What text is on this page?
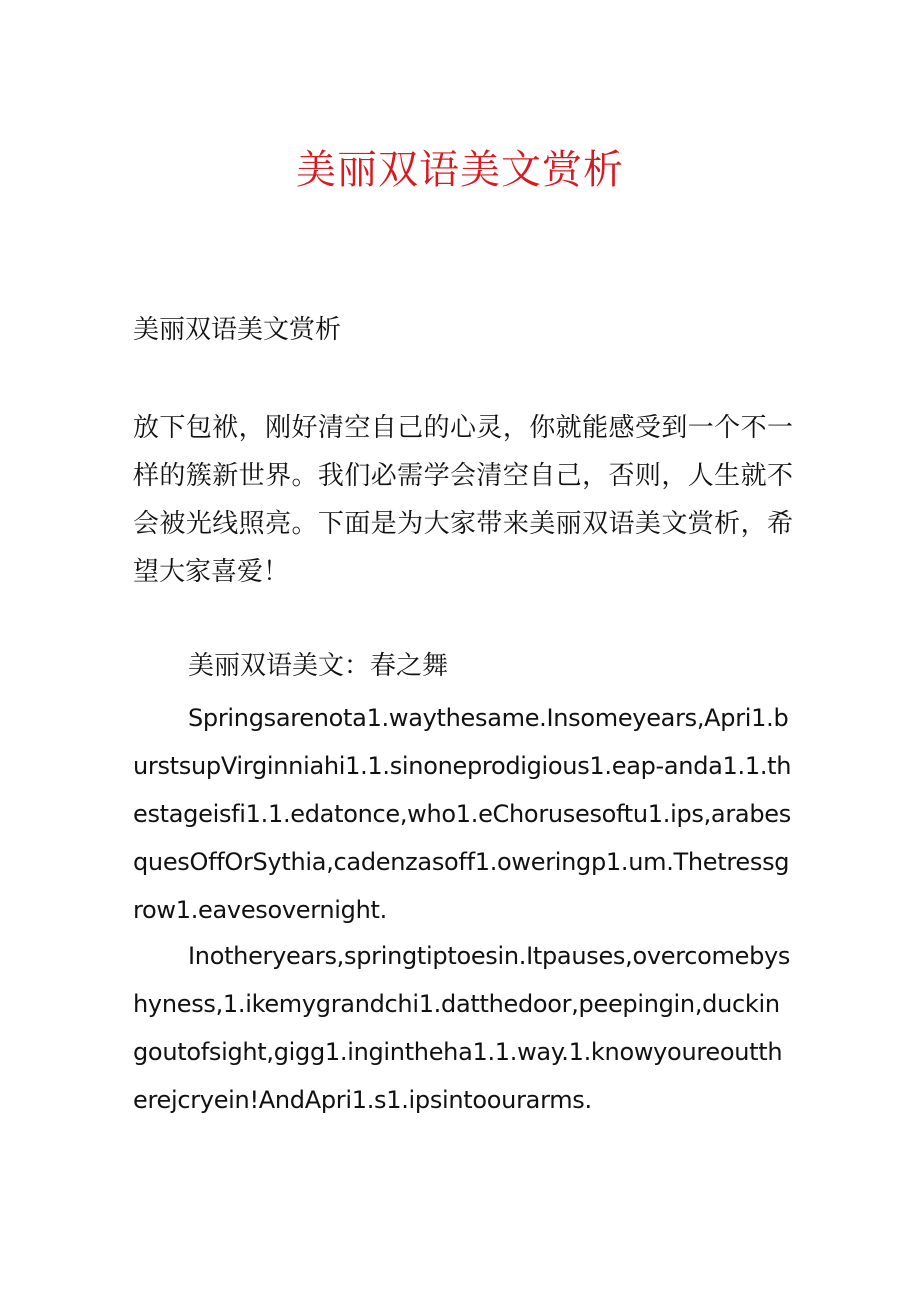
美丽双语美文赏析

美丽双语美文赏析

放下包袱，刚好清空自己的心灵，你就能感受到一个不一样的簇新世界。我们必需学会清空自己，否则，人生就不会被光线照亮。下面是为大家带来美丽双语美文赏析，希望大家喜爱！

美丽双语美文：春之舞

Springsarenota1.waythesame.Insomeyears,Apri1.burstsupVirginniahi1.1.sinoneprodigious1.eap-anda1.1.thestageisfi1.1.edatonce,who1.eChorusesoftu1.ips,arabesquesOffOrSythia,cadenzasoff1.oweringp1.um.Thetressgrow1.eavesovernight.

Inotheryears,springtiptoesin.Itpauses,overcomebyshyness,1.ikemygrandchi1.datthedoor,peepingin,duckingoutofsight,gigg1.inginthehа1.1.way.1.knowyoureouttherejcryein!AndApri1.s1.ipsintoourarms.
